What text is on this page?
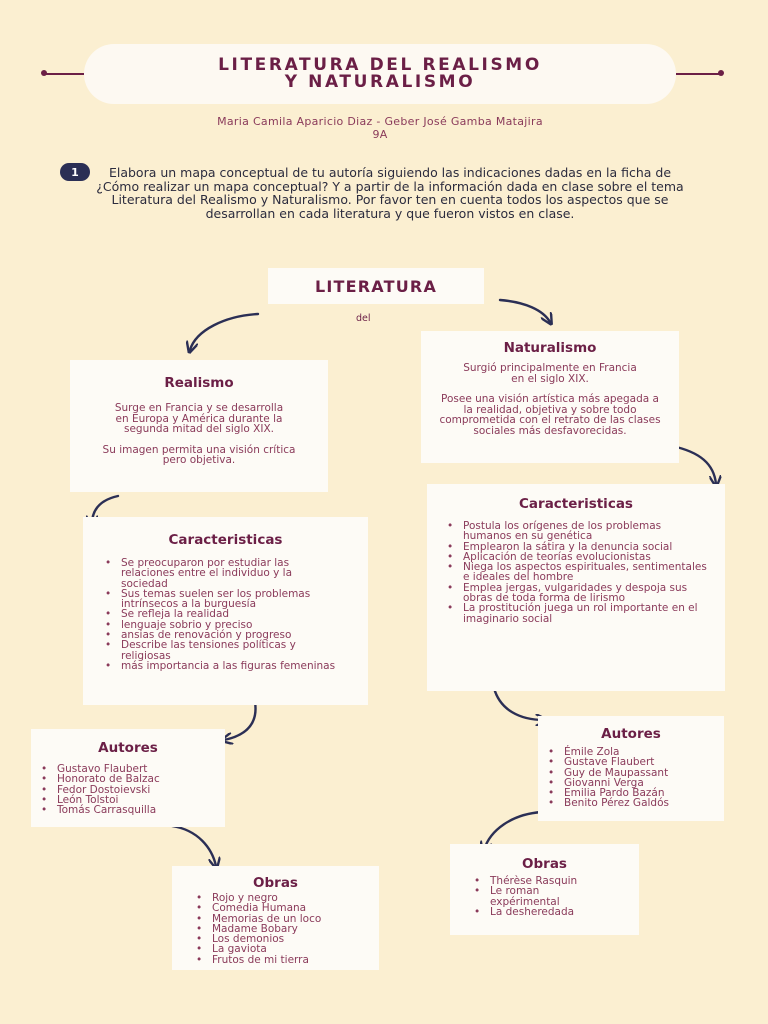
LITERATURA DEL REALISMO
Y NATURALISMO
Maria Camila Aparicio Diaz - Geber José Gamba Matajira
9A
1	Elabora un mapa conceptual de tu autoría siguiendo las indicaciones dadas en la ficha de ¿Cómo realizar un mapa conceptual? Y a partir de la información dada en clase sobre el tema Literatura del Realismo y Naturalismo. Por favor ten en cuenta todos los aspectos que se desarrollan en cada literatura y que fueron vistos en clase.
LITERATURA
del
Realismo
Surge en Francia y se desarrolla en Europa y América durante la segunda mitad del siglo XIX.
Su imagen permita una visión crítica pero objetiva.
Caracteristicas
• Se preocuparon por estudiar las relaciones entre el individuo y la sociedad
• Sus temas suelen ser los problemas intrínsecos a la burguesía
• Se refleja la realidad
• lenguaje sobrio y preciso
• ansias de renovación y progreso
• Describe las tensiones políticas y religiosas
• más importancia a las figuras femeninas
Autores
• Gustavo Flaubert
• Honorato de Balzac
• Fedor Dostoievski
• León Tolstoi
• Tomás Carrasquilla
Obras
• Rojo y negro
• Comedia Humana
• Memorias de un loco
• Madame Bobary
• Los demonios
• La gaviota
• Frutos de mi tierra
Naturalismo
Surgió principalmente en Francia en el siglo XIX.
Posee una visión artística más apegada a la realidad, objetiva y sobre todo comprometida con el retrato de las clases sociales más desfavorecidas.
Caracteristicas
• Postula los orígenes de los problemas humanos en su genética
• Emplearon la sátira y la denuncia social
• Aplicación de teorías evolucionistas
• Niega los aspectos espirituales, sentimentales e ideales del hombre
• Emplea jergas, vulgaridades y despoja sus obras de toda forma de lirismo
• La prostitución juega un rol importante en el imaginario social
Autores
• Émile Zola
• Gustave Flaubert
• Guy de Maupassant
• Giovanni Verga
• Emilia Pardo Bazán
• Benito Pérez Galdós
Obras
• Thérèse Rasquin
• Le roman expérimental
• La desheredada
